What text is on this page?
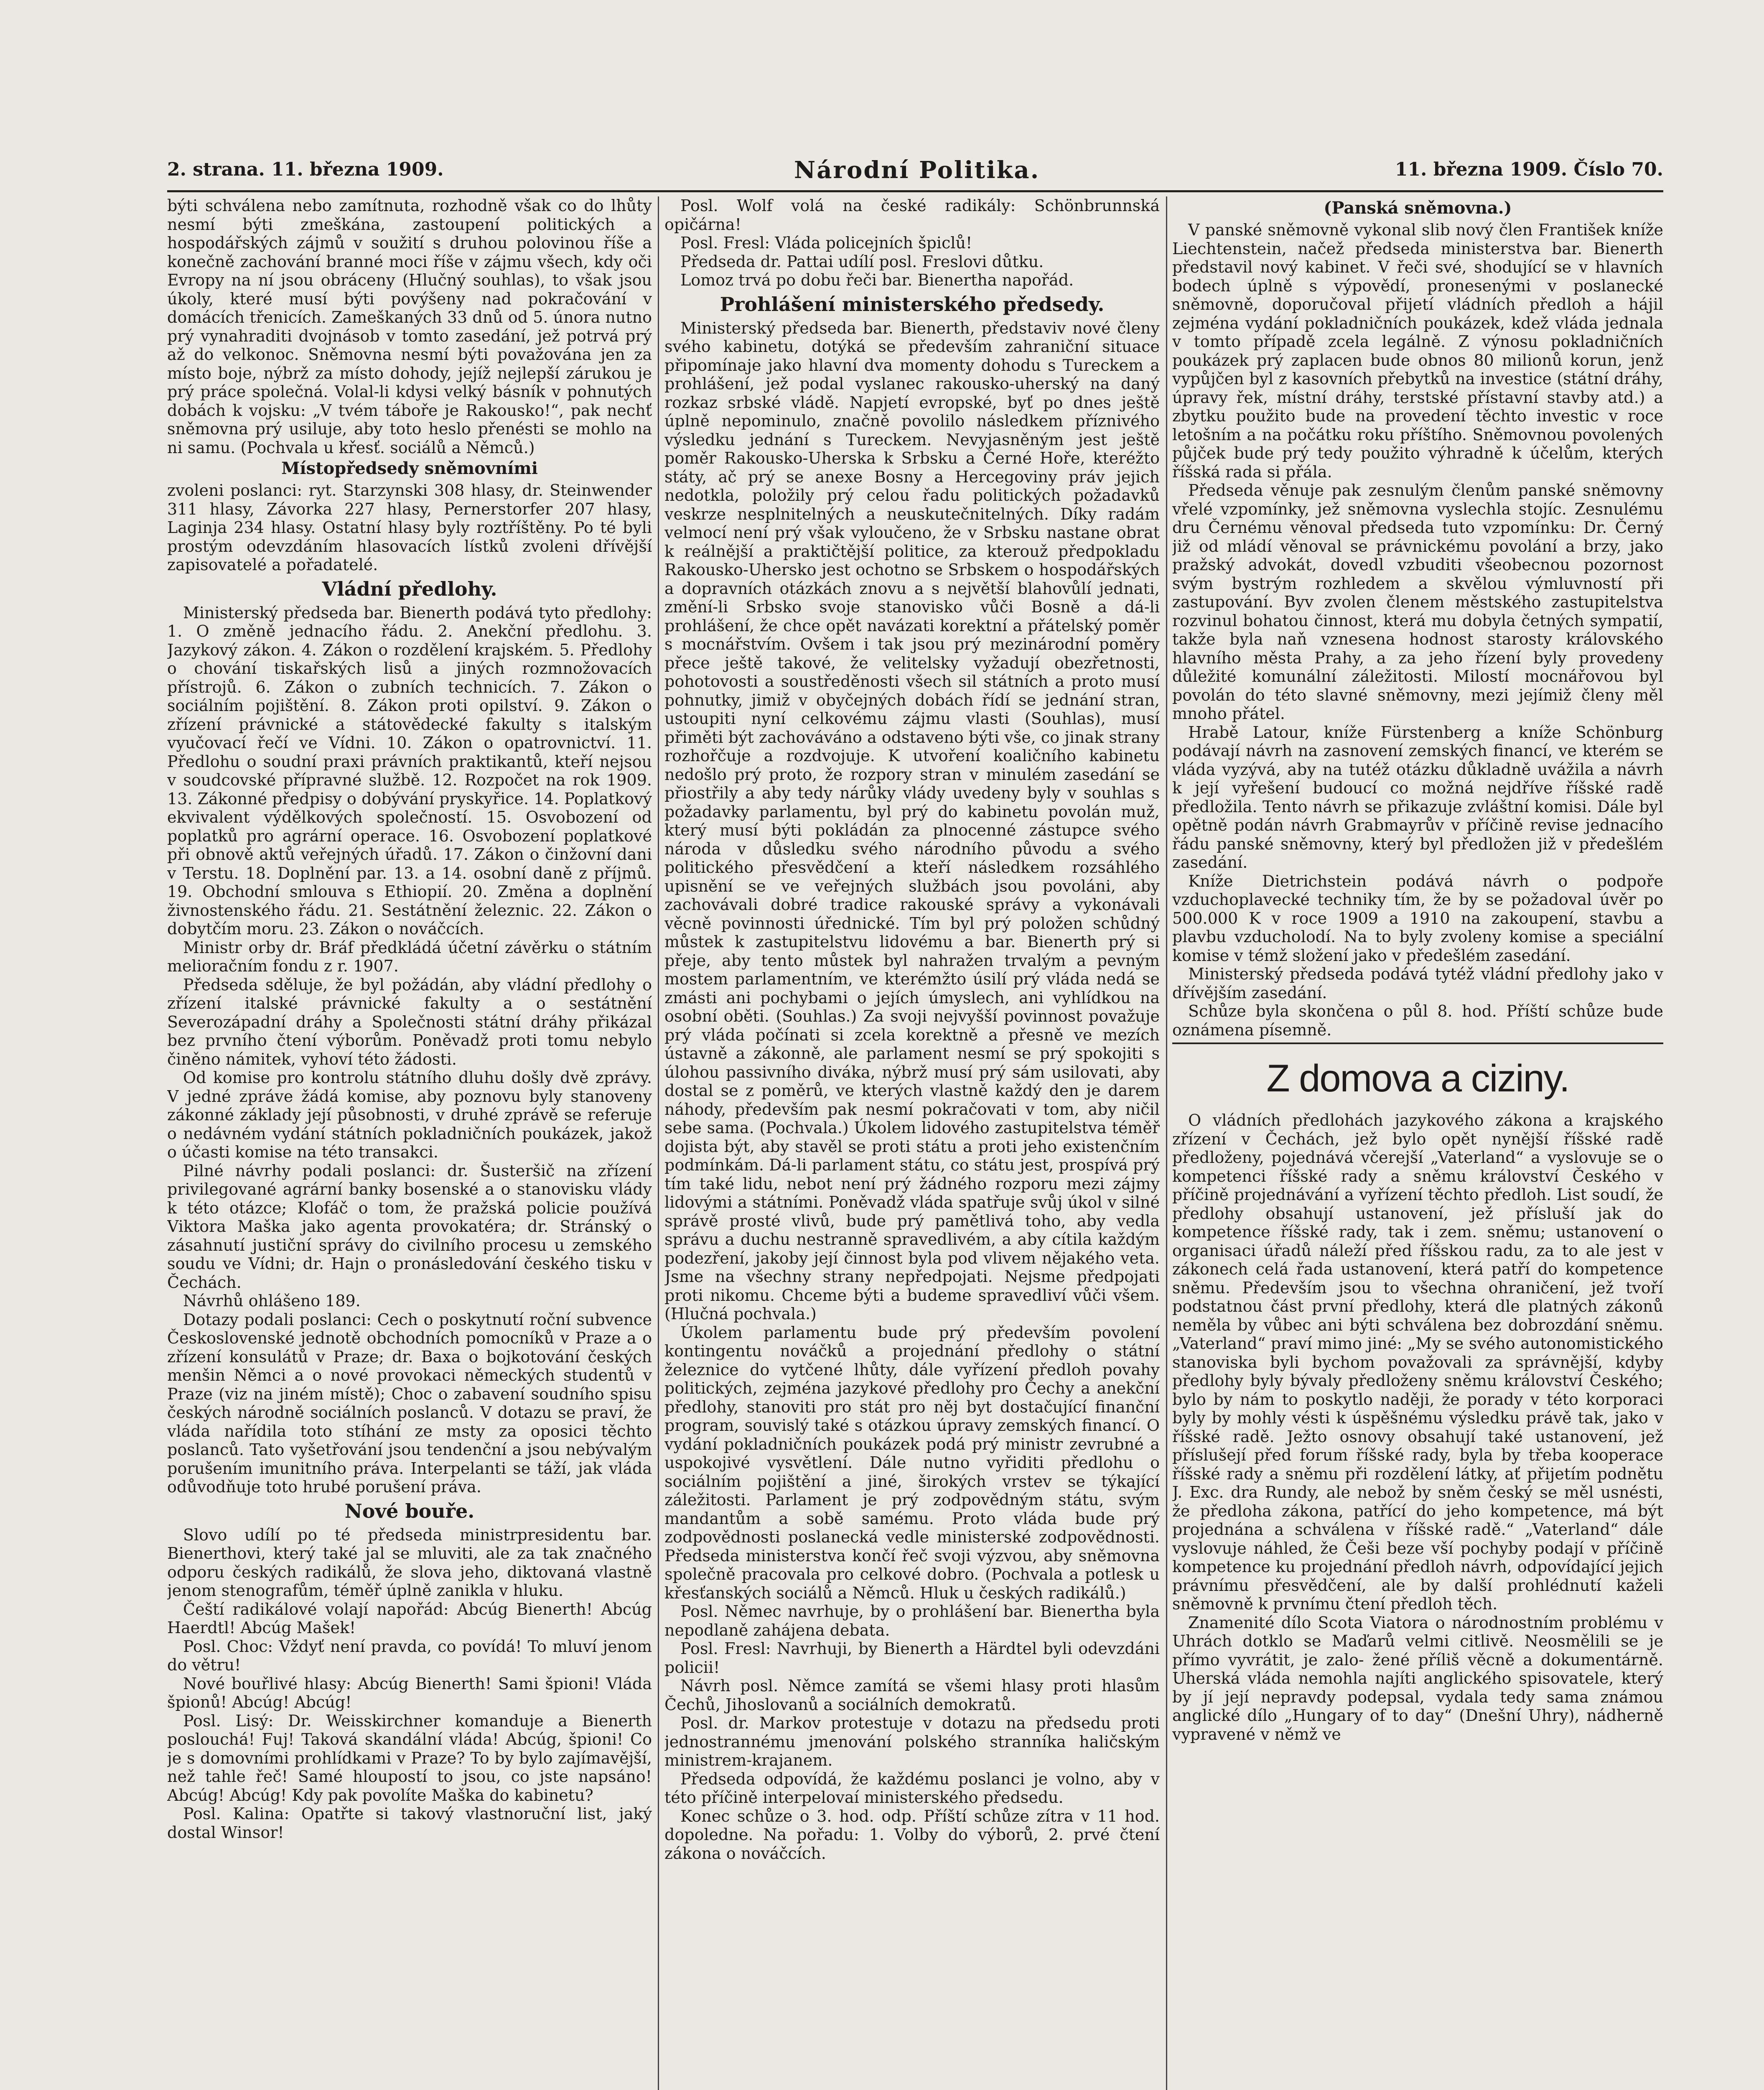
2. strana. 11. března 1909.	Národní Politika.	11. března 1909. Číslo 70.

býti schválena nebo zamítnuta, rozhodně však co do lhůty nesmí býti zmeškána, zastoupení politických a hospodářských zájmů v soužití s druhou polovinou říše a konečně zachování branné moci říše v zájmu všech, kdy oči Evropy na ní jsou obráceny (Hlučný souhlas), to však jsou úkoly, které musí býti povýšeny nad pokračování v domácích třenicích. Zameškaných 33 dnů od 5. února nutno prý vynahraditi dvojnásob v tomto zasedání, jež potrvá prý až do velkonoc. Sněmovna nesmí býti považována jen za místo boje, nýbrž za místo dohody, jejíž nejlepší zárukou je prý práce společná. Volal-li kdysi velký básník v pohnutých dobách k vojsku: „V tvém táboře je Rakousko!“, pak nechť sněmovna prý usiluje, aby toto heslo přenésti se mohlo na ni samu. (Pochvala u křesť. sociálů a Němců.)

Místopředsedy sněmovními

zvoleni poslanci: ryt. Starzynski 308 hlasy, dr. Steinwender 311 hlasy, Závorka 227 hlasy, Pernerstorfer 207 hlasy, Laginja 234 hlasy. Ostatní hlasy byly roztříštěny. Po té byli prostým odevzdáním hlasovacích lístků zvoleni dřívější zapisovatelé a pořadatelé.

Vládní předlohy.

Ministerský předseda bar. Bienerth podává tyto předlohy: 1. O změně jednacího řádu. 2. Anekční předlohu. 3. Jazykový zákon. 4. Zákon o rozdělení krajském. 5. Předlohy o chování tiskařských lisů a jiných rozmnožovacích přístrojů. 6. Zákon o zubních technicích. 7. Zákon o sociálním pojištění. 8. Zákon proti opilství. 9. Zákon o zřízení právnické a státovědecké fakulty s italským vyučovací řečí ve Vídni. 10. Zákon o opatrovnictví. 11. Předlohu o soudní praxi právních praktikantů, kteří nejsou v soudcovské přípravné službě. 12. Rozpočet na rok 1909. 13. Zákonné předpisy o dobývání pryskyřice. 14. Poplatkový ekvivalent výdělkových společností. 15. Osvobození od poplatků pro agrární operace. 16. Osvobození poplatkové při obnově aktů veřejných úřadů. 17. Zákon o činžovní dani v Terstu. 18. Doplnění par. 13. a 14. osobní daně z příjmů. 19. Obchodní smlouva s Ethiopií. 20. Změna a doplnění živnostenského řádu. 21. Sestátnění železnic. 22. Zákon o dobytčím moru. 23. Zákon o nováčcích.

Ministr orby dr. Bráf předkládá účetní závěrku o státním melioračním fondu z r. 1907.

Předseda sděluje, že byl požádán, aby vládní předlohy o zřízení italské právnické fakulty a o sestátnění Severozápadní dráhy a Společnosti státní dráhy přikázal bez prvního čtení výborům. Poněvadž proti tomu nebylo činěno námitek, vyhoví této žádosti.

Od komise pro kontrolu státního dluhu došly dvě zprávy. V jedné zpráve žádá komise, aby poznovu byly stanoveny zákonné základy její působnosti, v druhé zprávě se referuje o nedávném vydání státních pokladničních poukázek, jakož o účasti komise na této transakci.

Pilné návrhy podali poslanci: dr. Šusteršič na zřízení privilegované agrární banky bosenské a o stanovisku vlády k této otázce; Klofáč o tom, že pražská policie používá Viktora Maška jako agenta provokatéra; dr. Stránský o zásahnutí justiční správy do civilního procesu u zemského soudu ve Vídni; dr. Hajn o pronásledování českého tisku v Čechách.

Návrhů ohlášeno 189.

Dotazy podali poslanci: Cech o poskytnutí roční subvence Československé jednotě obchodních pomocníků v Praze a o zřízení konsulátů v Praze; dr. Baxa o bojkotování českých menšin Němci a o nové provokaci německých studentů v Praze (viz na jiném místě); Choc o zabavení soudního spisu českých národně sociálních poslanců. V dotazu se praví, že vláda nařídila toto stíhání ze msty za oposici těchto poslanců. Tato vyšetřování jsou tendenční a jsou nebývalým porušením imunitního práva. Interpelanti se táží, jak vláda odůvodňuje toto hrubé porušení práva.

Nové bouře.

Slovo udílí po té předseda ministrpresidentu bar. Bienerthovi, který také jal se mluviti, ale za tak značného odporu českých radikálů, že slova jeho, diktovaná vlastně jenom stenografům, téměř úplně zanikla v hluku.

Čeští radikálové volají napořád: Abcúg Bienerth! Abcúg Haerdtl! Abcúg Mašek!

Posl. Choc: Vždyť není pravda, co povídá! To mluví jenom do větru!

Nové bouřlivé hlasy: Abcúg Bienerth! Sami špioni! Vláda špionů! Abcúg! Abcúg!

Posl. Lisý: Dr. Weisskirchner komanduje a Bienerth poslouchá! Fuj! Taková skandální vláda! Abcúg, špioni! Co je s domovními prohlídkami v Praze? To by bylo zajímavější, než tahle řeč! Samé hloupostí to jsou, co jste napsáno! Abcúg! Abcúg! Kdy pak povolíte Maška do kabinetu?

Posl. Kalina: Opatřte si takový vlastnoruční list, jaký dostal Winsor!

Posl. Wolf volá na české radikály: Schönbrunnská opičárna!

Posl. Fresl: Vláda policejních špiclů!

Předseda dr. Pattai udílí posl. Freslovi důtku.

Lomoz trvá po dobu řeči bar. Bienertha napořád.

Prohlášení ministerského předsedy.

Ministerský předseda bar. Bienerth, představiv nové členy svého kabinetu, dotýká se především zahraniční situace připomínaje jako hlavní dva momenty dohodu s Tureckem a prohlášení, jež podal vyslanec rakousko-uherský na daný rozkaz srbské vládě. Napjetí evropské, byť po dnes ještě úplně nepominulo, značně povolilo následkem příznivého výsledku jednání s Tureckem. Nevyjasněným jest ještě poměr Rakousko-Uherska k Srbsku a Černé Hoře, kteréžto státy, ač prý se anexe Bosny a Hercegoviny práv jejich nedotkla, položily prý celou řadu politických požadavků veskrze nesplnitelných a neuskutečnitelných. Díky radám velmocí není prý však vyloučeno, že v Srbsku nastane obrat k reálnější a praktičtější politice, za kterouž předpokladu Rakousko-Uhersko jest ochotno se Srbskem o hospodářských a dopravních otázkách znovu a s největší blahovůlí jednati, změní-li Srbsko svoje stanovisko vůči Bosně a dá-li prohlášení, že chce opět navázati korektní a přátelský poměr s mocnářstvím. Ovšem i tak jsou prý mezinárodní poměry přece ještě takové, že velitelsky vyžadují obezřetnosti, pohotovosti a soustředěnosti všech sil státních a proto musí pohnutky, jimiž v obyčejných dobách řídí se jednání stran, ustoupiti nyní celkovému zájmu vlasti (Souhlas), musí přiměti být zachováváno a odstaveno býti vše, co jinak strany rozhořčuje a rozdvojuje. K utvoření koaličního kabinetu nedošlo prý proto, že rozpory stran v minulém zasedání se přiostřily a aby tedy nárůky vlády uvedeny byly v souhlas s požadavky parlamentu, byl prý do kabinetu povolán muž, který musí býti pokládán za plnocenné zástupce svého národa v důsledku svého národního původu a svého politického přesvědčení a kteří následkem rozsáhlého upisnění se ve veřejných službách jsou povoláni, aby zachovávali dobré tradice rakouské správy a vykonávali věcně povinnosti úřednické. Tím byl prý položen schůdný můstek k zastupitelstvu lidovému a bar. Bienerth prý si přeje, aby tento můstek byl nahražen trvalým a pevným mostem parlamentním, ve kterémžto úsilí prý vláda nedá se zmásti ani pochybami o jejích úmyslech, ani vyhlídkou na osobní oběti. (Souhlas.) Za svoji nejvyšší povinnost považuje prý vláda počínati si zcela korektně a přesně ve mezích ústavně a zákonně, ale parlament nesmí se prý spokojiti s úlohou passivního diváka, nýbrž musí prý sám usilovati, aby dostal se z poměrů, ve kterých vlastně každý den je darem náhody, především pak nesmí pokračovati v tom, aby ničil sebe sama. (Pochvala.) Úkolem lidového zastupitelstva téměř dojista být, aby stavěl se proti státu a proti jeho existenčním podmínkám. Dá-li parlament státu, co státu jest, prospívá prý tím také lidu, nebot není prý žádného rozporu mezi zájmy lidovými a státními. Poněvadž vláda spatřuje svůj úkol v silné správě prosté vlivů, bude prý pamětlivá toho, aby vedla správu a duchu nestranně spravedlivém, a aby cítila každým podezření, jakoby její činnost byla pod vlivem nějakého veta. Jsme na všechny strany nepředpojati. Nejsme předpojati proti nikomu. Chceme býti a budeme spravedliví vůči všem. (Hlučná pochvala.)

Úkolem parlamentu bude prý především povolení kontingentu nováčků a projednání předlohy o státní železnice do vytčené lhůty, dále vyřízení předloh povahy politických, zejména jazykové předlohy pro Čechy a anekční předlohy, stanoviti pro stát pro něj byt dostačující finanční program, souvislý také s otázkou úpravy zemských financí. O vydání pokladničních poukázek podá prý ministr zevrubné a uspokojivé vysvětlení. Dále nutno vyřiditi předlohu o sociálním pojištění a jiné, širokých vrstev se týkající záležitosti. Parlament je prý zodpovědným státu, svým mandantům a sobě samému. Proto vláda bude prý zodpovědnosti poslanecká vedle ministerské zodpovědnosti. Předseda ministerstva končí řeč svoji výzvou, aby sněmovna společně pracovala pro celkové dobro. (Pochvala a potlesk u křesťanských sociálů a Němců. Hluk u českých radikálů.)

Posl. Němec navrhuje, by o prohlášení bar. Bienertha byla nepodlaně zahájena debata.

Posl. Fresl: Navrhuji, by Bienerth a Härdtel byli odevzdáni policii!

Návrh posl. Němce zamítá se všemi hlasy proti hlasům Čechů, Jihoslovanů a sociálních demokratů.

Posl. dr. Markov protestuje v dotazu na předsedu proti jednostrannému jmenování polského stranníka haličským ministrem-krajanem.

Předseda odpovídá, že každému poslanci je volno, aby v této příčině interpelovaí ministerského předsedu.

Konec schůze o 3. hod. odp. Příští schůze zítra v 11 hod. dopoledne. Na pořadu: 1. Volby do výborů, 2. prvé čtení zákona o nováčcích.

(Panská sněmovna.)

V panské sněmovně vykonal slib nový člen František kníže Liechtenstein, načež předseda ministerstva bar. Bienerth představil nový kabinet. V řeči své, shodující se v hlavních bodech úplně s výpovědí, pronesenými v poslanecké sněmovně, doporučoval přijetí vládních předloh a hájil zejména vydání pokladničních poukázek, kdež vláda jednala v tomto případě zcela legálně. Z výnosu pokladničních poukázek prý zaplacen bude obnos 80 milionů korun, jenž vypůjčen byl z kasovních přebytků na investice (státní dráhy, úpravy řek, místní dráhy, terstské přístavní stavby atd.) a zbytku použito bude na provedení těchto investic v roce letošním a na počátku roku příštího. Sněmovnou povolených půjček bude prý tedy použito výhradně k účelům, kterých říšská rada si přála.

Předseda věnuje pak zesnulým členům panské sněmovny vřelé vzpomínky, jež sněmovna vyslechla stojíc. Zesnulému dru Černému věnoval předseda tuto vzpomínku: Dr. Černý již od mládí věnoval se právnickému povolání a brzy, jako pražský advokát, dovedl vzbuditi všeobecnou pozornost svým bystrým rozhledem a skvělou výmluvností při zastupování. Byv zvolen členem městského zastupitelstva rozvinul bohatou činnost, která mu dobyla četných sympatií, takže byla naň vznesena hodnost starosty královského hlavního města Prahy, a za jeho řízení byly provedeny důležité komunální záležitosti. Milostí mocnářovou byl povolán do této slavné sněmovny, mezi jejímiž členy měl mnoho přátel.

Hrabě Latour, kníže Fürstenberg a kníže Schönburg podávají návrh na zasnovení zemských financí, ve kterém se vláda vyzývá, aby na tutéž otázku důkladně uvážila a návrh k její vyřešení budoucí co možná nejdříve říšské radě předložila. Tento návrh se přikazuje zvláštní komisi. Dále byl opětně podán návrh Grabmayrův v příčině revise jednacího řádu panské sněmovny, který byl předložen již v předešlém zasedání.

Kníže Dietrichstein podává návrh o podpoře vzduchoplavecké techniky tím, že by se požadoval úvěr po 500.000 K v roce 1909 a 1910 na zakoupení, stavbu a plavbu vzducholodí. Na to byly zvoleny komise a speciální komise v témž složení jako v předešlém zasedání.

Ministerský předseda podává tytéž vládní předlohy jako v dřívějším zasedání.

Schůze byla skončena o půl 8. hod. Příští schůze bude oznámena písemně.

Z domova a ciziny.

O vládních předlohách jazykového zákona a krajského zřízení v Čechách, jež bylo opět nynější říšské radě předloženy, pojednává včerejší „Vaterland“ a vyslovuje se o kompetenci říšské rady a sněmu království Českého v příčině projednávání a vyřízení těchto předloh. List soudí, že předlohy obsahují ustanovení, jež přísluší jak do kompetence říšské rady, tak i zem. sněmu; ustanovení o organisaci úřadů náleží před říšskou radu, za to ale jest v zákonech celá řada ustanovení, která patří do kompetence sněmu. Především jsou to všechna ohraničení, jež tvoří podstatnou část první předlohy, která dle platných zákonů neměla by vůbec ani býti schválena bez dobrozdání sněmu. „Vaterland“ praví mimo jiné: „My se svého autonomistického stanoviska byli bychom považovali za správnější, kdyby předlohy byly bývaly předloženy sněmu království Českého; bylo by nám to poskytlo naději, že porady v této korporaci byly by mohly vésti k úspěšnému výsledku právě tak, jako v říšské radě. Ježto osnovy obsahují také ustanovení, jež příslušejí před forum říšské rady, byla by třeba kooperace říšské rady a sněmu při rozdělení látky, ať přijetím podnětu J. Exc. dra Rundy, ale nebož by sněm český se měl usnésti, že předloha zákona, patřící do jeho kompetence, má být projednána a schválena v říšské radě.“ „Vaterland“ dále vyslovuje náhled, že Češi beze vší pochyby podají v příčině kompetence ku projednání předloh návrh, odpovídající jejich právnímu přesvědčení, ale by další prohlédnutí kaželi sněmovně k prvnímu čtení předloh těch.

Znamenité dílo Scota Viatora o národnostním problému v Uhrách dotklo se Maďarů velmi citlivě. Neosmělili se je přímo vyvrátit, je zalo- žené příliš věcně a dokumentárně. Uherská vláda nemohla najíti anglického spisovatele, který by jí její nepravdy podepsal, vydala tedy sama známou anglické dílo „Hungary of to day“ (Dnešní Uhry), nádherně vypravené v němž ve
